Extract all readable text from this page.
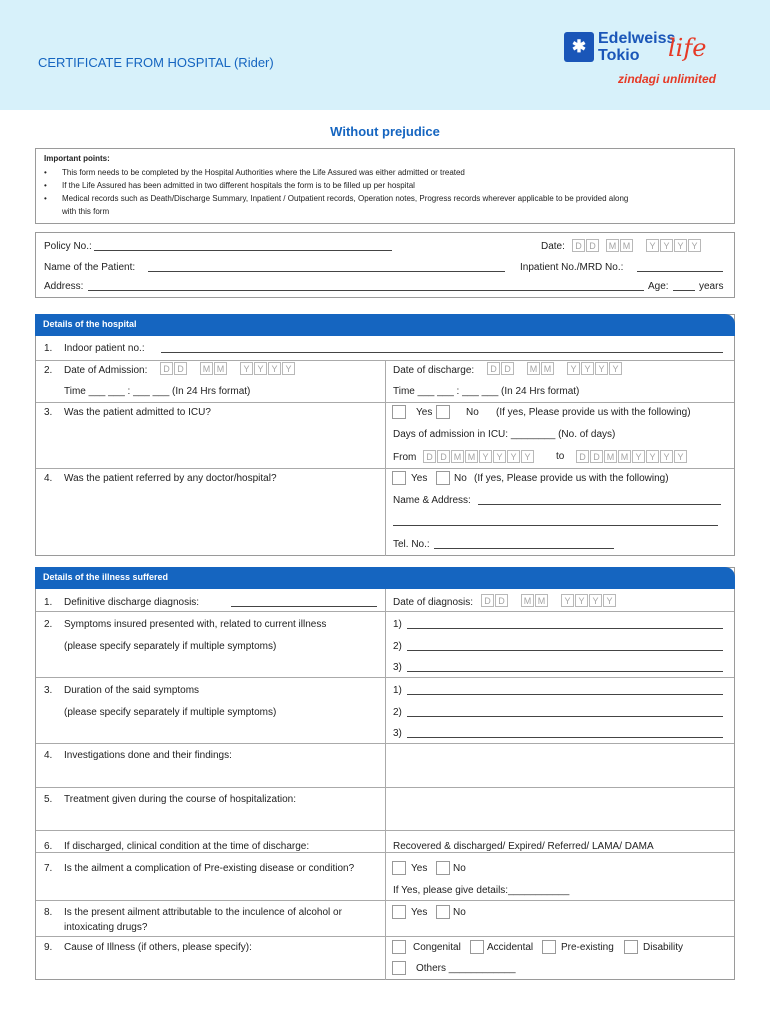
CERTIFICATE FROM HOSPITAL (Rider)
✱ Edelweiss
Tokio life
zindagi unlimited
Without prejudice
Important points:
• This form needs to be completed by the Hospital Authorities where the Life Assured was either admitted or treated
• If the Life Assured has been admitted in two different hospitals the form is to be filled up per hospital
• Medical records such as Death/Discharge Summary, Inpatient / Outpatient records, Operation notes, Progress records wherever applicable to be provided along
with this form
Policy No.:	Date:	D D M M Y Y Y Y
Name of the Patient:	Inpatient No./MRD No.:
Address:	Age:	years
Details of the hospital
1. Indoor patient no.:
2. Date of Admission:	D D M M Y Y Y Y	Date of discharge:	D D M M Y Y Y Y
Time ___ ___ : ___ ___ (In 24 Hrs format)	Time ___ ___ : ___ ___ (In 24 Hrs format)
3. Was the patient admitted to ICU?	Yes	No (If yes, Please provide us with the following)
Days of admission in ICU: ________ (No. of days)
From	D D M M Y Y Y Y	to	D D M M Y Y Y Y
4. Was the patient referred by any doctor/hospital?	Yes	No (If yes, Please provide us with the following)
Name & Address:
Tel. No.:
Details of the illness suffered
1. Definitive discharge diagnosis:	Date of diagnosis:	D D M M Y Y Y Y
2. Symptoms insured presented with, related to current illness
(please specify separately if multiple symptoms)
1)
2)
3)
3. Duration of the said symptoms
(please specify separately if multiple symptoms)
1)
2)
3)
4. Investigations done and their findings:
5. Treatment given during the course of hospitalization:
6. If discharged, clinical condition at the time of discharge:	Recovered & discharged/ Expired/ Referred/ LAMA/ DAMA
7. Is the ailment a complication of Pre-existing disease or condition?	Yes	No
If Yes, please give details:___________
8. Is the present ailment attributable to the inculence of alcohol or
intoxicating drugs?
Yes	No
9. Cause of Illness (if others, please specify):	Congenital	Accidental	Pre-existing	Disability
Others ____________
